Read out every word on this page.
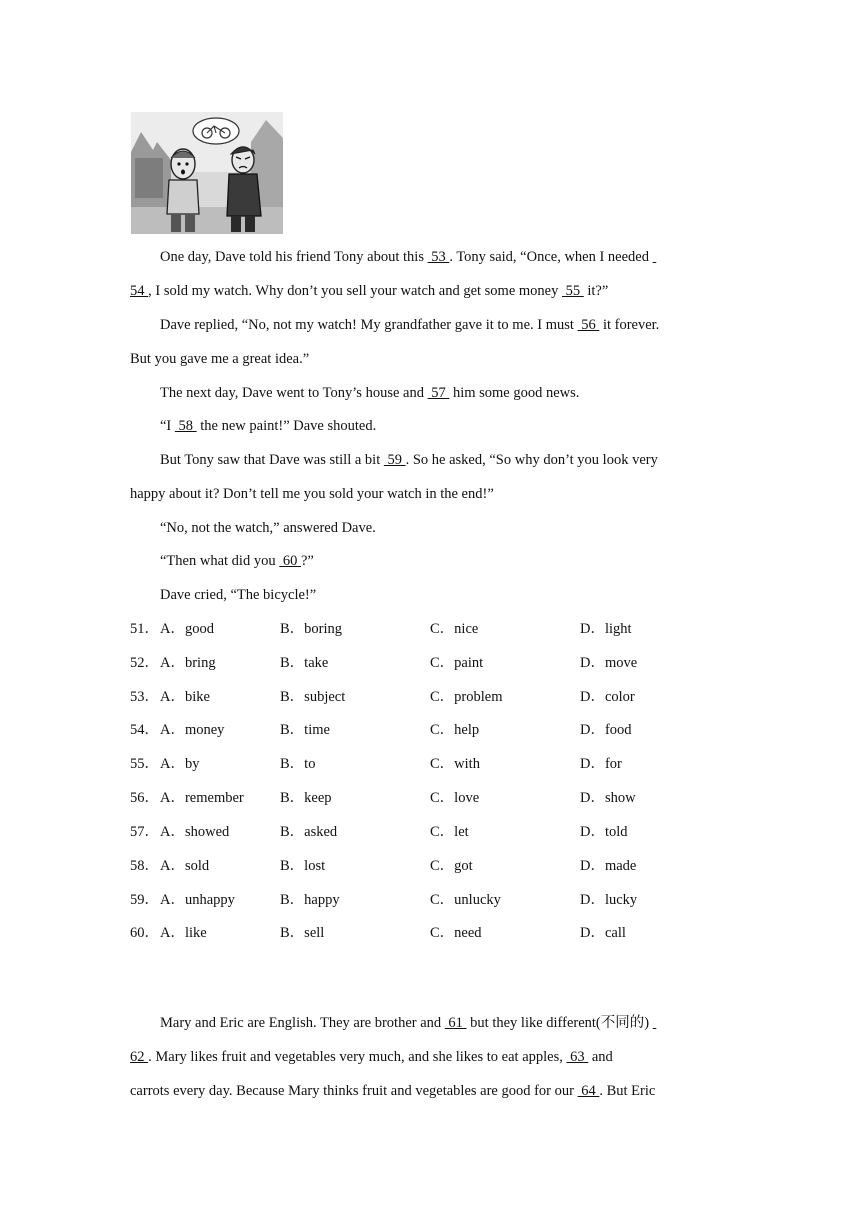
One day, Dave told his friend Tony about this  53 . Tony said, “Once, when I needed
54 , I sold my watch. Why don’t you sell your watch and get some money  55  it?”
Dave replied, “No, not my watch! My grandfather gave it to me. I must  56  it forever.
But you gave me a great idea.”
The next day, Dave went to Tony’s house and  57  him some good news.
“I  58  the new paint!” Dave shouted.
But Tony saw that Dave was still a bit  59 . So he asked, “So why don’t you look very
happy about it? Don’t tell me you sold your watch in the end!”
“No, not the watch,” answered Dave.
“Then what did you  60 ?”
Dave cried, “The bicycle!”
51． A．good	B．boring	C．nice	D．light
52． A．bring	B．take	C．paint	D．move
53． A．bike	B．subject	C．problem	D．color
54． A．money	B．time	C．help	D．food
55． A．by	B．to	C．with	D．for
56． A．remember	B．keep	C．love	D．show
57． A．showed	B．asked	C．let	D．told
58． A．sold	B．lost	C．got	D．made
59． A．unhappy	B．happy	C．unlucky	D．lucky
60． A．like	B．sell	C．need	D．call
Mary and Eric are English. They are brother and  61  but they like different(不同的)
62 . Mary likes fruit and vegetables very much, and she likes to eat apples,  63  and
carrots every day. Because Mary thinks fruit and vegetables are good for our  64 . But Eric
